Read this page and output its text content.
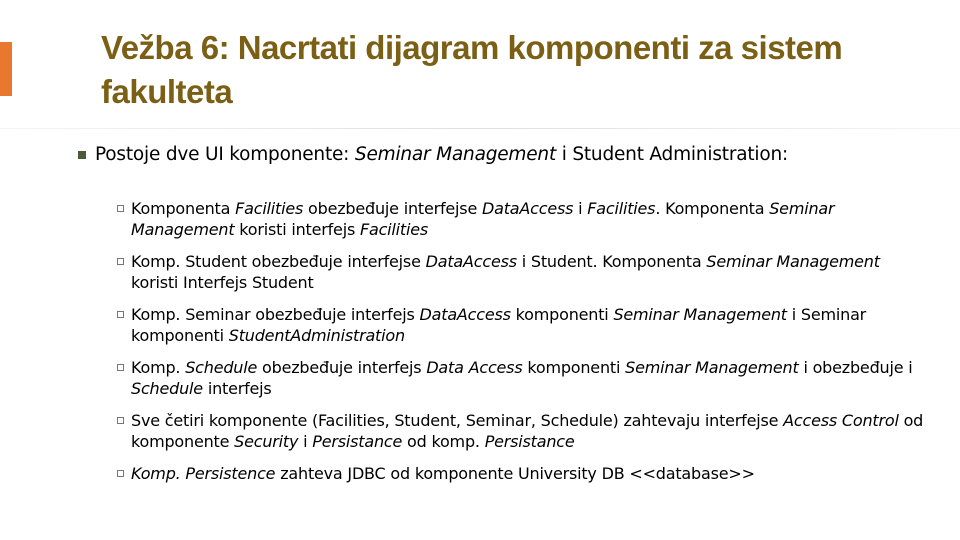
Vežba 6: Nacrtati dijagram komponenti za sistem fakulteta
Postoje dve UI komponente: Seminar Management i Student Administration:
Komponenta Facilities obezbeđuje interfejse DataAccess i Facilities. Komponenta Seminar Management koristi interfejs Facilities
Komp. Student obezbeđuje interfejse DataAccess i Student. Komponenta Seminar Management koristi Interfejs Student
Komp. Seminar obezbeđuje interfejs DataAccess komponenti Seminar Management i Seminar komponenti StudentAdministration
Komp. Schedule obezbeđuje interfejs Data Access komponenti Seminar Management i obezbeđuje i Schedule interfejs
Sve četiri komponente (Facilities, Student, Seminar, Schedule) zahtevaju interfejse Access Control od komponente Security i Persistance od komp. Persistance
Komp. Persistence zahteva JDBC od komponente University DB <<database>>
